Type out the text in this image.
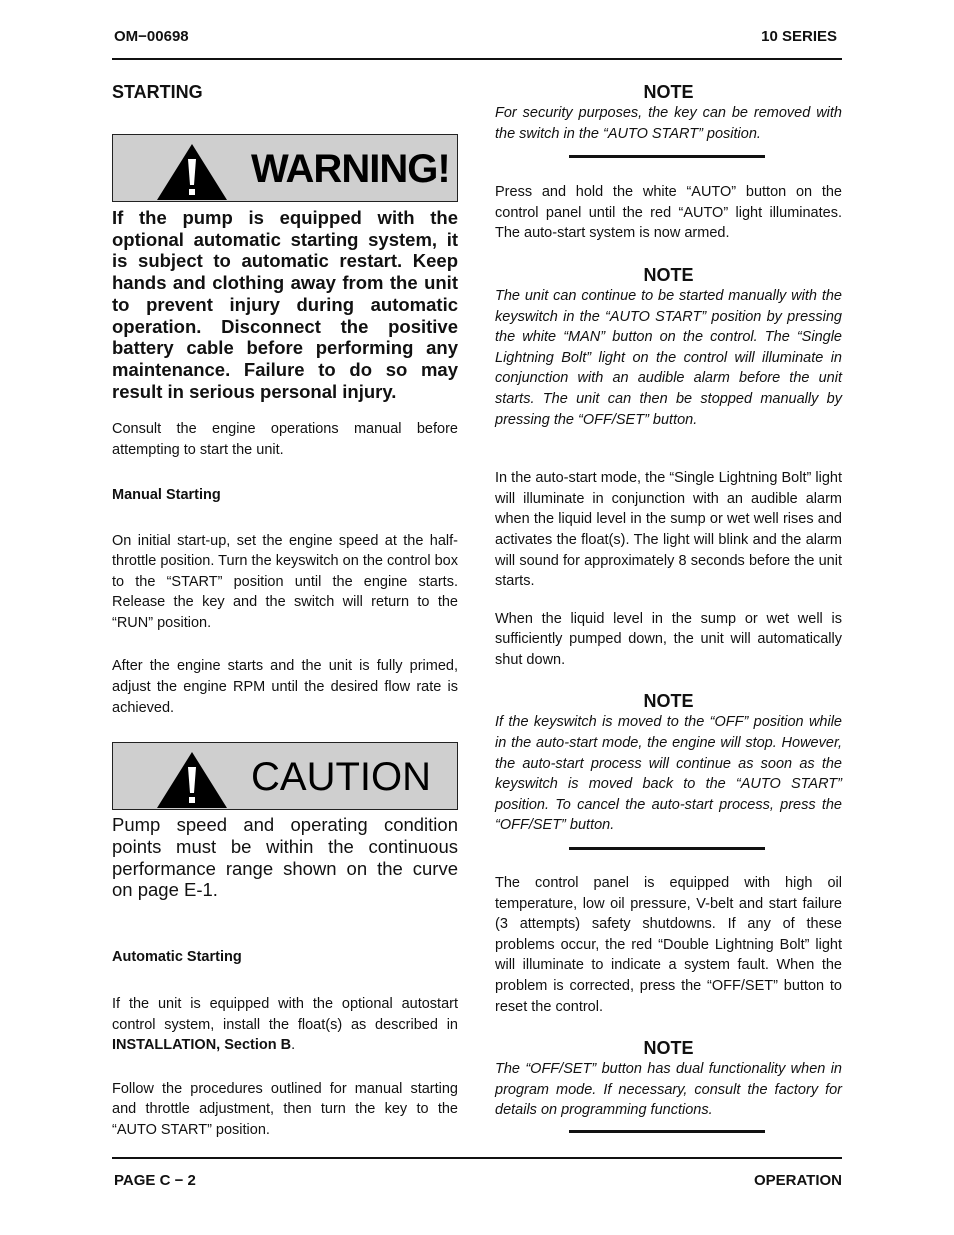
OM−00698	10 SERIES

STARTING

WARNING!

If the pump is equipped with the optional automatic starting system, it is subject to automatic restart. Keep hands and clothing away from the unit to prevent injury during automatic operation. Disconnect the positive battery cable before performing any maintenance. Failure to do so may result in serious personal injury.

Consult the engine operations manual before attempting to start the unit.

Manual Starting

On initial start-up, set the engine speed at the half-throttle position. Turn the keyswitch on the control box to the “START” position until the engine starts. Release the key and the switch will return to the “RUN” position.

After the engine starts and the unit is fully primed, adjust the engine RPM until the desired flow rate is achieved.

CAUTION

Pump speed and operating condition points must be within the continuous performance range shown on the curve on page E-1.

Automatic Starting

If the unit is equipped with the optional autostart control system, install the float(s) as described in INSTALLATION, Section B.

Follow the procedures outlined for manual starting and throttle adjustment, then turn the key to the “AUTO START” position.

NOTE

For security purposes, the key can be removed with the switch in the “AUTO START” position.

Press and hold the white “AUTO” button on the control panel until the red “AUTO” light illuminates. The auto-start system is now armed.

NOTE

The unit can continue to be started manually with the keyswitch in the “AUTO START” position by pressing the white “MAN” button on the control. The “Single Lightning Bolt” light on the control will illuminate in conjunction with an audible alarm before the unit starts. The unit can then be stopped manually by pressing the “OFF/SET” button.

In the auto-start mode, the “Single Lightning Bolt” light will illuminate in conjunction with an audible alarm when the liquid level in the sump or wet well rises and activates the float(s). The light will blink and the alarm will sound for approximately 8 seconds before the unit starts.

When the liquid level in the sump or wet well is sufficiently pumped down, the unit will automatically shut down.

NOTE

If the keyswitch is moved to the “OFF” position while in the auto-start mode, the engine will stop. However, the auto-start process will continue as soon as the keyswitch is moved back to the “AUTO START” position. To cancel the auto-start process, press the “OFF/SET” button.

The control panel is equipped with high oil temperature, low oil pressure, V-belt and start failure (3 attempts) safety shutdowns. If any of these problems occur, the red “Double Lightning Bolt” light will illuminate to indicate a system fault. When the problem is corrected, press the “OFF/SET” button to reset the control.

NOTE

The “OFF/SET” button has dual functionality when in program mode. If necessary, consult the factory for details on programming functions.

PAGE C − 2	OPERATION
